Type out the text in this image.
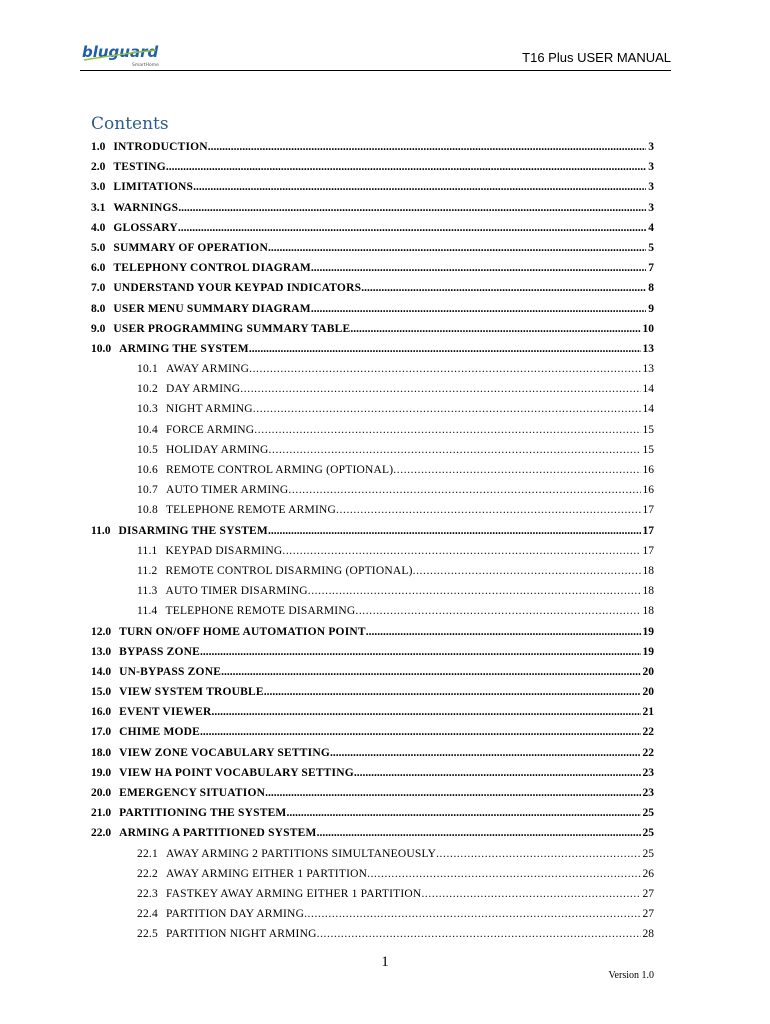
bluguard
SmartHome
T16 Plus USER MANUAL
Contents
1.0 INTRODUCTION .....	3
2.0 TESTING .....	3
3.0 LIMITATIONS .....	3
3.1 WARNINGS .....	3
4.0 GLOSSARY .....	4
5.0 SUMMARY OF OPERATION .....	5
6.0 TELEPHONY CONTROL DIAGRAM .....	7
7.0 UNDERSTAND YOUR KEYPAD INDICATORS .....	8
8.0 USER MENU SUMMARY DIAGRAM .....	9
9.0 USER PROGRAMMING SUMMARY TABLE .....	10
10.0 ARMING THE SYSTEM .....	13
10.1 AWAY ARMING .....	13
10.2 DAY ARMING .....	14
10.3 NIGHT ARMING .....	14
10.4 FORCE ARMING .....	15
10.5 HOLIDAY ARMING .....	15
10.6 REMOTE CONTROL ARMING (OPTIONAL) .....	16
10.7 AUTO TIMER ARMING .....	16
10.8 TELEPHONE REMOTE ARMING .....	17
11.0 DISARMING THE SYSTEM .....	17
11.1 KEYPAD DISARMING .....	17
11.2 REMOTE CONTROL DISARMING (OPTIONAL) .....	18
11.3 AUTO TIMER DISARMING .....	18
11.4 TELEPHONE REMOTE DISARMING .....	18
12.0 TURN ON/OFF HOME AUTOMATION POINT .....	19
13.0 BYPASS ZONE .....	19
14.0 UN-BYPASS ZONE .....	20
15.0 VIEW SYSTEM TROUBLE .....	20
16.0 EVENT VIEWER .....	21
17.0 CHIME MODE .....	22
18.0 VIEW ZONE VOCABULARY SETTING .....	22
19.0 VIEW HA POINT VOCABULARY SETTING .....	23
20.0 EMERGENCY SITUATION .....	23
21.0 PARTITIONING THE SYSTEM .....	25
22.0 ARMING A PARTITIONED SYSTEM .....	25
22.1 AWAY ARMING 2 PARTITIONS SIMULTANEOUSLY .....	25
22.2 AWAY ARMING EITHER 1 PARTITION .....	26
22.3 FASTKEY AWAY ARMING EITHER 1 PARTITION .....	27
22.4 PARTITION DAY ARMING .....	27
22.5 PARTITION NIGHT ARMING .....	28
1
Version 1.0
